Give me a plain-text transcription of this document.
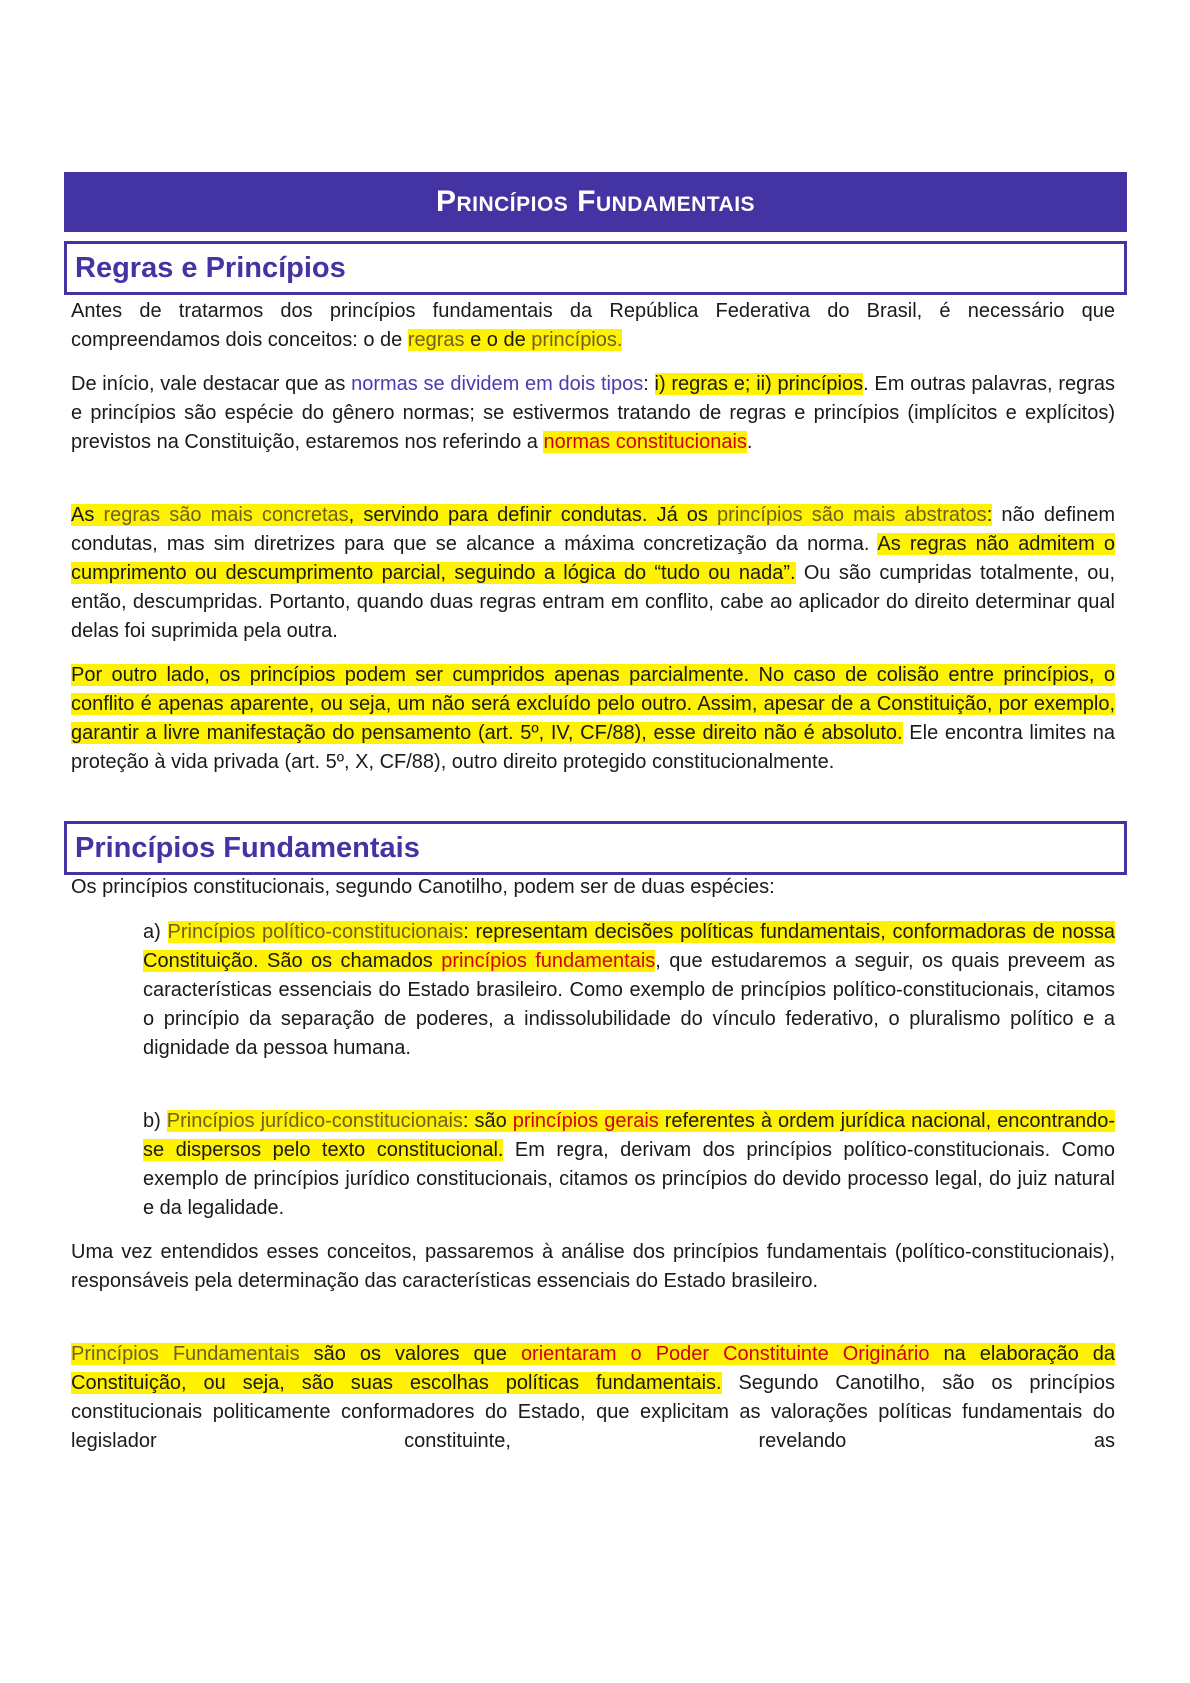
Princípios Fundamentais
Regras e Princípios

Antes de tratarmos dos princípios fundamentais da República Federativa do Brasil, é necessário que compreendamos dois conceitos: o de regras e o de princípios.

De início, vale destacar que as normas se dividem em dois tipos: i) regras e; ii) princípios. Em outras palavras, regras e princípios são espécie do gênero normas; se estivermos tratando de regras e princípios (implícitos e explícitos) previstos na Constituição, estaremos nos referindo a normas constitucionais.

As regras são mais concretas, servindo para definir condutas. Já os princípios são mais abstratos: não definem condutas, mas sim diretrizes para que se alcance a máxima concretização da norma. As regras não admitem o cumprimento ou descumprimento parcial, seguindo a lógica do “tudo ou nada”. Ou são cumpridas totalmente, ou, então, descumpridas. Portanto, quando duas regras entram em conflito, cabe ao aplicador do direito determinar qual delas foi suprimida pela outra.

Por outro lado, os princípios podem ser cumpridos apenas parcialmente. No caso de colisão entre princípios, o conflito é apenas aparente, ou seja, um não será excluído pelo outro. Assim, apesar de a Constituição, por exemplo, garantir a livre manifestação do pensamento (art. 5º, IV, CF/88), esse direito não é absoluto. Ele encontra limites na proteção à vida privada (art. 5º, X, CF/88), outro direito protegido constitucionalmente.

Princípios Fundamentais

Os princípios constitucionais, segundo Canotilho, podem ser de duas espécies:

a) Princípios político-constitucionais: representam decisões políticas fundamentais, conformadoras de nossa Constituição. São os chamados princípios fundamentais, que estudaremos a seguir, os quais preveem as características essenciais do Estado brasileiro. Como exemplo de princípios político-constitucionais, citamos o princípio da separação de poderes, a indissolubilidade do vínculo federativo, o pluralismo político e a dignidade da pessoa humana.

b) Princípios jurídico-constitucionais: são princípios gerais referentes à ordem jurídica nacional, encontrando-se dispersos pelo texto constitucional. Em regra, derivam dos princípios político-constitucionais. Como exemplo de princípios jurídico constitucionais, citamos os princípios do devido processo legal, do juiz natural e da legalidade.

Uma vez entendidos esses conceitos, passaremos à análise dos princípios fundamentais (político-constitucionais), responsáveis pela determinação das características essenciais do Estado brasileiro.

Princípios Fundamentais são os valores que orientaram o Poder Constituinte Originário na elaboração da Constituição, ou seja, são suas escolhas políticas fundamentais. Segundo Canotilho, são os princípios constitucionais politicamente conformadores do Estado, que explicitam as valorações políticas fundamentais do legislador constituinte, revelando as
